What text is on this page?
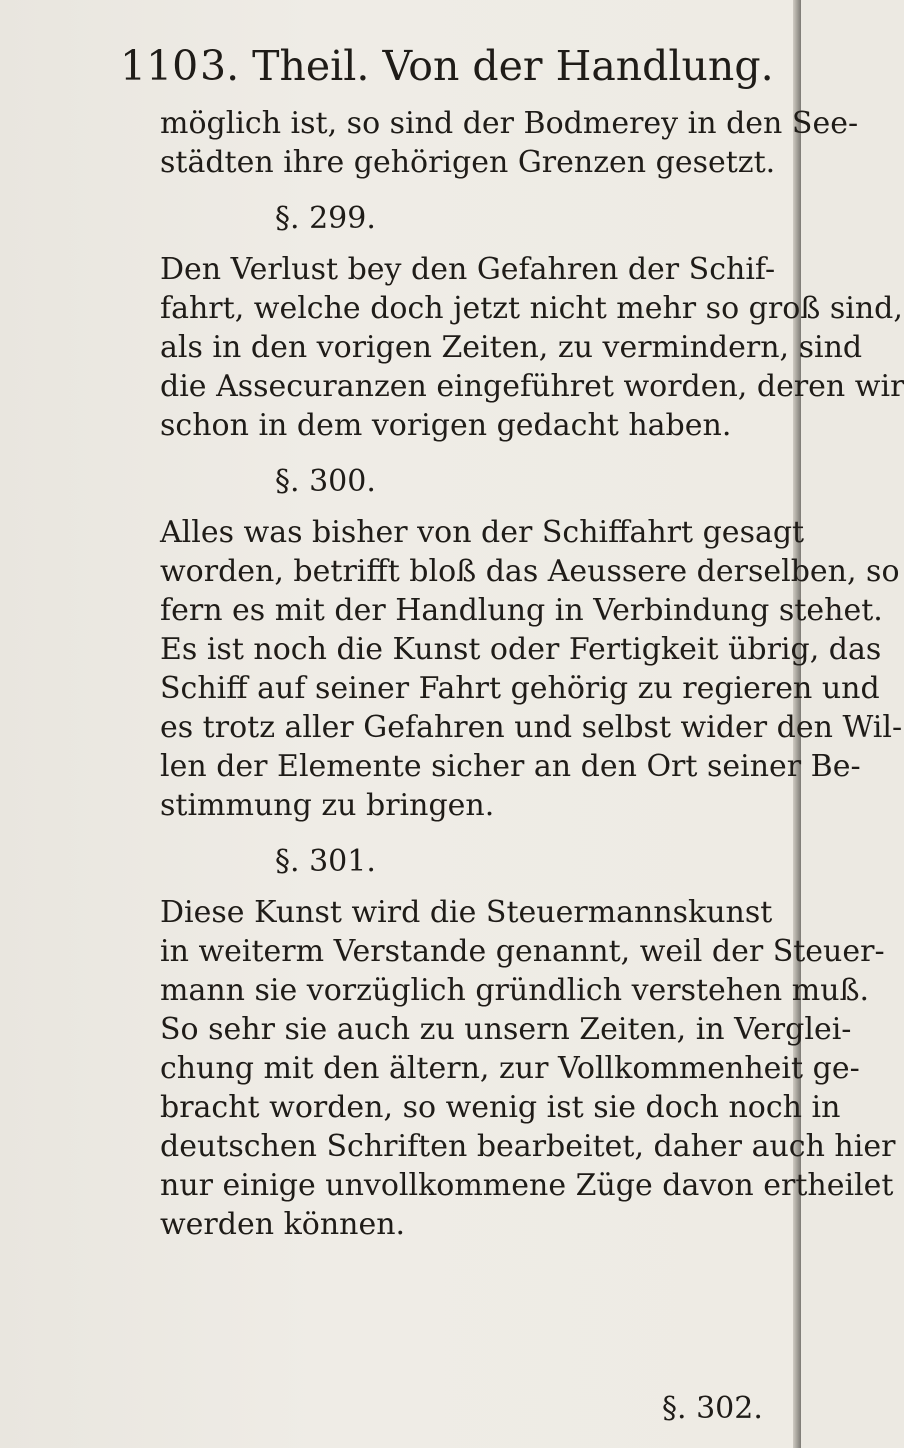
1103. Theil. Von der Handlung.
möglich ist, so sind der Bodmerey in den See-
städten ihre gehörigen Grenzen gesetzt.
§. 299.
Den Verlust bey den Gefahren der Schif-
fahrt, welche doch jetzt nicht mehr so groß sind,
als in den vorigen Zeiten, zu vermindern, sind
die Assecuranzen eingeführet worden, deren wir
schon in dem vorigen gedacht haben.
§. 300.
Alles was bisher von der Schiffahrt gesagt
worden, betrifft bloß das Aeussere derselben, so
fern es mit der Handlung in Verbindung stehet.
Es ist noch die Kunst oder Fertigkeit übrig, das
Schiff auf seiner Fahrt gehörig zu regieren und
es trotz aller Gefahren und selbst wider den Wil-
len der Elemente sicher an den Ort seiner Be-
stimmung zu bringen.
§. 301.
Diese Kunst wird die Steuermannskunst
in weiterm Verstande genannt, weil der Steuer-
mann sie vorzüglich gründlich verstehen muß.
So sehr sie auch zu unsern Zeiten, in Verglei-
chung mit den ältern, zur Vollkommenheit ge-
bracht worden, so wenig ist sie doch noch in
deutschen Schriften bearbeitet, daher auch hier
nur einige unvollkommene Züge davon ertheilet
werden können.
§. 302.
